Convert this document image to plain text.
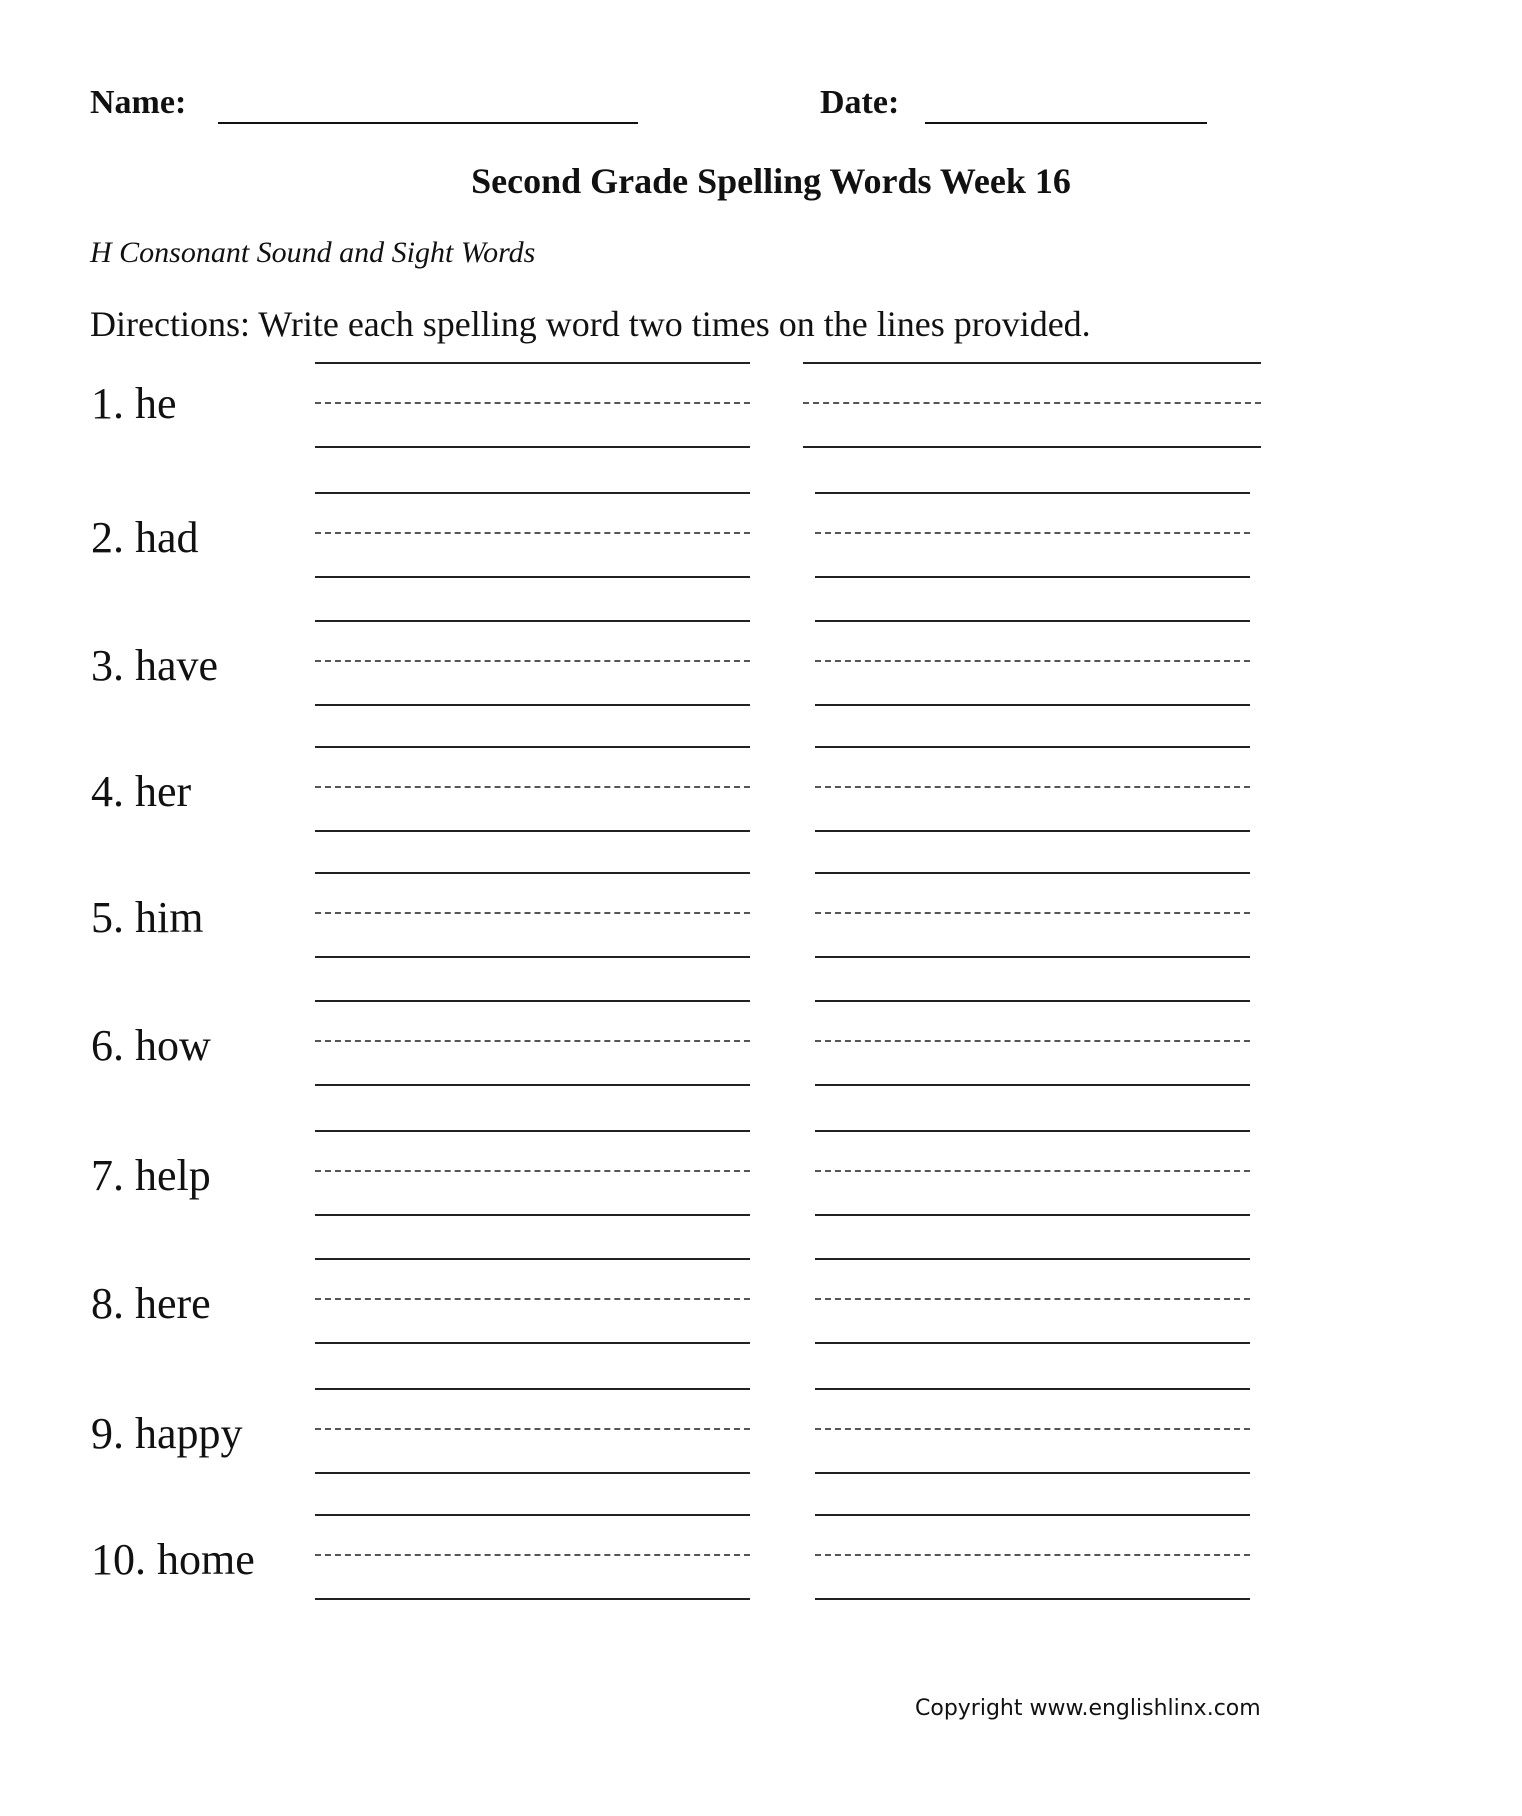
Name:	Date:
Second Grade Spelling Words Week 16
H Consonant Sound and Sight Words
Directions: Write each spelling word two times on the lines provided.
1. he
2. had
3. have
4. her
5. him
6. how
7. help
8. here
9. happy
10. home
Copyright www.englishlinx.com
